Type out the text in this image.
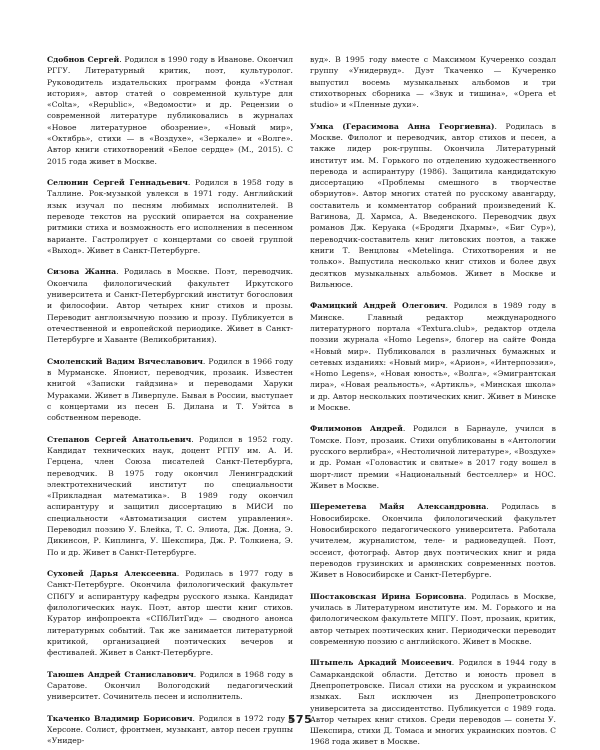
Сдобнов Сергей. Родился в 1990 году в Иванове. Окончил РГГУ. Литературный критик, поэт, культуролог. Руководитель издательских программ фонда «Устная история», автор статей о современной культуре для «Colta», «Republic», «Ведомости» и др. Рецензии о современной литературе публиковались в журналах «Новое литературное обозрение», «Новый мир», «Октябрь», стихи — в «Воздухе», «Зеркале» и «Волге». Автор книги стихотворений «Белое сердце» (М., 2015). С 2015 года живет в Москве.

Селюнин Сергей Геннадьевич. Родился в 1958 году в Таллине. Рок-музыкой увлекся в 1971 году. Английский язык изучал по песням любимых исполнителей. В переводе текстов на русский опирается на сохранение ритмики стиха и возможность его исполнения в песенном варианте. Гастролирует с концертами со своей группой «Выход». Живет в Санкт-Петербурге.

Сизова Жанна. Родилась в Москве. Поэт, переводчик. Окончила филологический факультет Иркутского университета и Санкт-Петербургский институт богословия и философии. Автор четырех книг стихов и прозы. Переводит англоязычную поэзию и прозу. Публикуется в отечественной и европейской периодике. Живет в Санкт-Петербурге и Хаванте (Великобритания).

Смоленский Вадим Вячеславович. Родился в 1966 году в Мурманске. Японист, переводчик, прозаик. Известен книгой «Записки гайдзина» и переводами Харуки Мураками. Живет в Ливерпуле. Бывая в России, выступает с концертами из песен Б. Дилана и Т. Уэйтса в собственном переводе.

Степанов Сергей Анатольевич. Родился в 1952 году. Кандидат технических наук, доцент РГПУ им. А. И. Герцена, член Союза писателей Санкт-Петербурга, переводчик. В 1975 году окончил Ленинградский электротехнический институт по специальности «Прикладная математика». В 1989 году окончил аспирантуру и защитил диссертацию в МИСИ по специальности «Автоматизация систем управления». Переводил поэзию У. Блейка, Т. С. Элиота, Дж. Донна, Э. Дикинсон, Р. Киплинга, У. Шекспира, Дж. Р. Толкиена, Э. По и др. Живет в Санкт-Петербурге.

Суховей Дарья Алексеевна. Родилась в 1977 году в Санкт-Петербурге. Окончила филологический факультет СПбГУ и аспирантуру кафедры русского языка. Кандидат филологических наук. Поэт, автор шести книг стихов. Куратор инфопроекта «СПбЛитГид» — сводного анонса литературных событий. Так же занимается литературной критикой, организацией поэтических вечеров и фестивалей. Живет в Санкт-Петербурге.

Таюшев Андрей Станиславович. Родился в 1968 году в Саратове. Окончил Вологодский педагогический университет. Сочинитель песен и исполнитель.

Ткаченко Владимир Борисович. Родился в 1972 году в Херсоне. Солист, фронтмен, музыкант, автор песен группы «Унидер-

вуд». В 1995 году вместе с Максимом Кучеренко создал группу «Унидервуд». Дуэт Ткаченко — Кучеренко выпустил восемь музыкальных альбомов и три стихотворных сборника — «Звук и тишина», «Opera et studio» и «Пленные духи».

Умка (Герасимова Анна Георгиевна). Родилась в Москве. Филолог и переводчик, автор стихов и песен, а также лидер рок-группы. Окончила Литературный институт им. М. Горького по отделению художественного перевода и аспирантуру (1986). Защитила кандидатскую диссертацию «Проблемы смешного в творчестве обэриутов». Автор многих статей по русскому авангарду, составитель и комментатор собраний произведений К. Вагинова, Д. Хармса, А. Введенского. Переводчик двух романов Дж. Керуака («Бродяги Дхармы», «Биг Сур»), переводчик-составитель книг литовских поэтов, а также книги Т. Венцловы «Metelinga. Стихотворения и не только». Выпустила несколько книг стихов и более двух десятков музыкальных альбомов. Живет в Москве и Вильнюсе.

Фамицкий Андрей Олегович. Родился в 1989 году в Минске. Главный редактор международного литературного портала «Textura.club», редактор отдела поэзии журнала «Homo Legens», блогер на сайте Фонда «Новый мир». Публиковался в различных бумажных и сетевых изданиях: «Новый мир», «Арион», «Интерпоэзия», «Homo Legens», «Новая юность», «Волга», «Эмигрантская лира», «Новая реальность», «Артикль», «Минская школа» и др. Автор нескольких поэтических книг. Живет в Минске и Москве.

Филимонов Андрей. Родился в Барнауле, учился в Томске. Поэт, прозаик. Стихи опубликованы в «Антологии русского верлибра», «Нестоличной литературе», «Воздухе» и др. Роман «Головастик и святые» в 2017 году вошел в шорт-лист премии «Национальный бестселлер» и НОС. Живет в Москве.

Шереметева Майя Александровна. Родилась в Новосибирске. Окончила филологический факультет Новосибирского педагогического университета. Работала учителем, журналистом, теле- и радиоведущей. Поэт, эссеист, фотограф. Автор двух поэтических книг и ряда переводов грузинских и армянских современных поэтов. Живет в Новосибирске и Санкт-Петербурге.

Шостаковская Ирина Борисовна. Родилась в Москве, училась в Литературном институте им. М. Горького и на филологическом факультете МПГУ. Поэт, прозаик, критик, автор четырех поэтических книг. Периодически переводит современную поэзию с английского. Живет в Москве.

Штыпель Аркадий Моисеевич. Родился в 1944 году в Самаркандской области. Детство и юность провел в Днепропетровске. Писал стихи на русском и украинском языках. Был исключен из Днепропетровского университета за диссидентство. Публикуется с 1989 года. Автор четырех книг стихов. Среди переводов — сонеты У. Шекспира, стихи Д. Томаса и многих украинских поэтов. С 1968 года живет в Москве.

575
